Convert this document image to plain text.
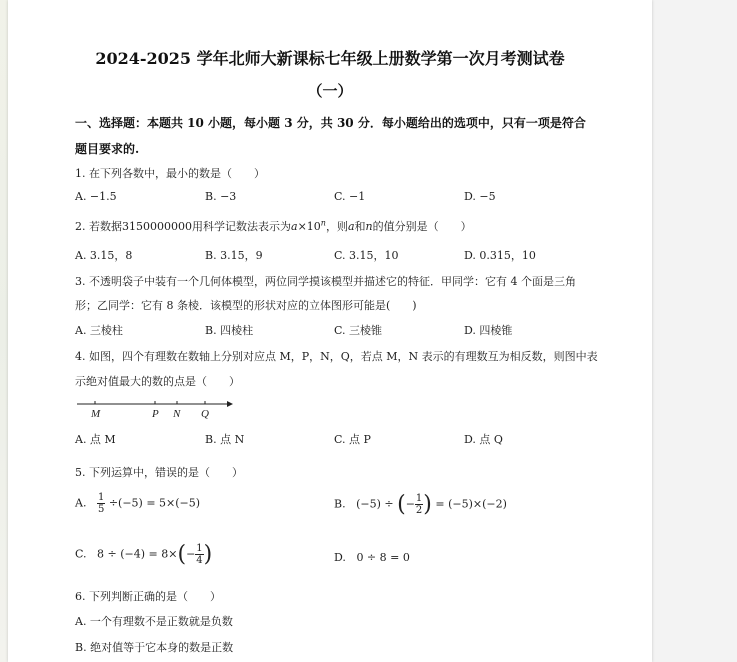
2024-2025 学年北师大新课标七年级上册数学第一次月考测试卷
（一）
一、选择题：本题共 10 小题，每小题 3 分，共 30 分．每小题给出的选项中，只有一项是符合
题目要求的.
1. 在下列各数中，最小的数是（　　）
A. −1.5	B. −3	C. −1	D. −5
2. 若数据3150000000用科学记数法表示为$a\times 10^n$，则a和n的值分别是（　　）
A. 3.15，8	B. 3.15，9	C. 3.15，10	D. 0.315，10
3. 不透明袋子中装有一个几何体模型，两位同学摸该模型并描述它的特征．甲同学：它有 4 个面是三角
形；乙同学：它有 8 条棱．该模型的形状对应的立体图形可能是(　　)
A. 三棱柱	B. 四棱柱	C. 三棱锥	D. 四棱锥
4. 如图，四个有理数在数轴上分别对应点 M，P，N，Q，若点 M，N 表示的有理数互为相反数，则图中表
示绝对值最大的数的点是（　　）
M	P N Q
A. 点 M	B. 点 N	C. 点 P	D. 点 Q
5. 下列运算中，错误的是（　　）
A. $\frac{1}{5} \div(-5) = 5\times(-5)$	B. (−5) ÷ (− $\frac{1}{2}$ ) = (−5)×(−2)
C. $8 \div (-4) = 8\times(- \frac{1}{4}$ )	D. 0 ÷ 8 = 0
6. 下列判断正确的是（　　）
A. 一个有理数不是正数就是负数
B. 绝对值等于它本身的数是正数
